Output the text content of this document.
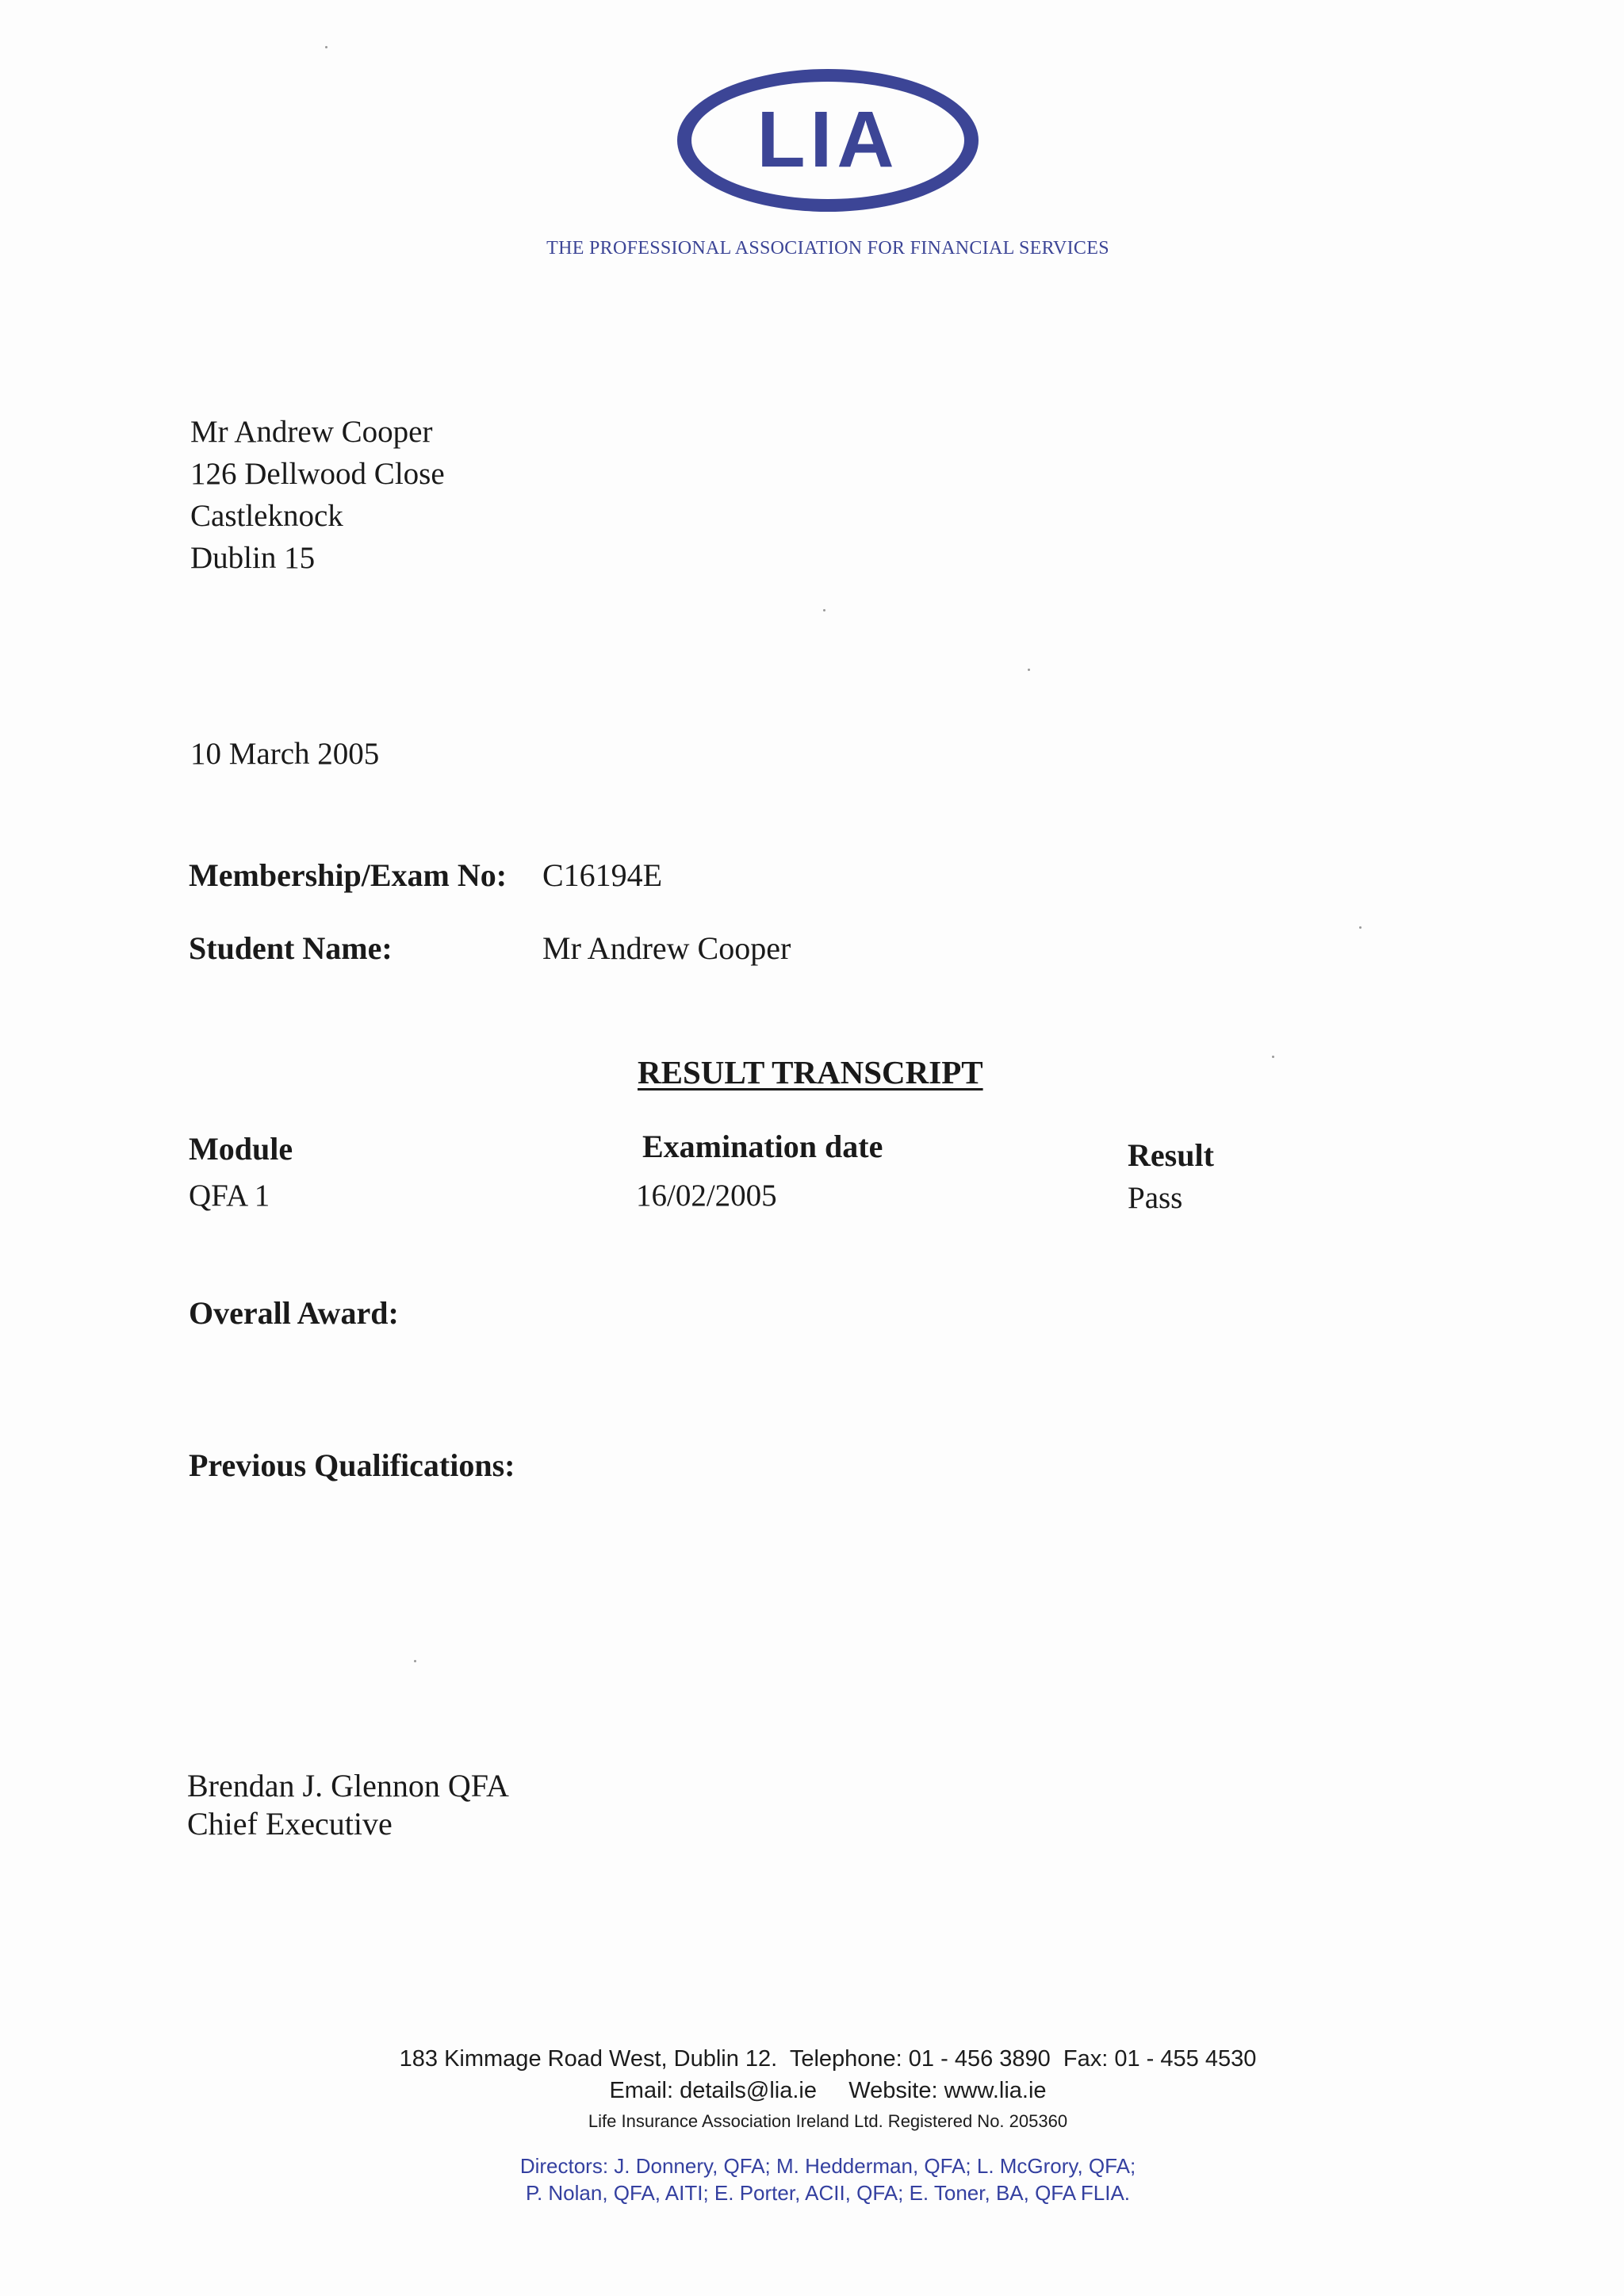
LIA
THE PROFESSIONAL ASSOCIATION FOR FINANCIAL SERVICES
Mr Andrew Cooper
126 Dellwood Close
Castleknock
Dublin 15
10 March 2005
Membership/Exam No: C16194E
Student Name:	Mr Andrew Cooper
RESULT TRANSCRIPT
Module	Examination date	Result
QFA 1	16/02/2005	Pass
Overall Award:
Previous Qualifications:
Brendan J. Glennon QFA
Chief Executive
183 Kimmage Road West, Dublin 12.  Telephone: 01 - 456 3890  Fax: 01 - 455 4530
Email: details@lia.ie     Website: www.lia.ie
Life Insurance Association Ireland Ltd. Registered No. 205360
Directors: J. Donnery, QFA; M. Hedderman, QFA; L. McGrory, QFA;
P. Nolan, QFA, AITI; E. Porter, ACII, QFA; E. Toner, BA, QFA FLIA.
